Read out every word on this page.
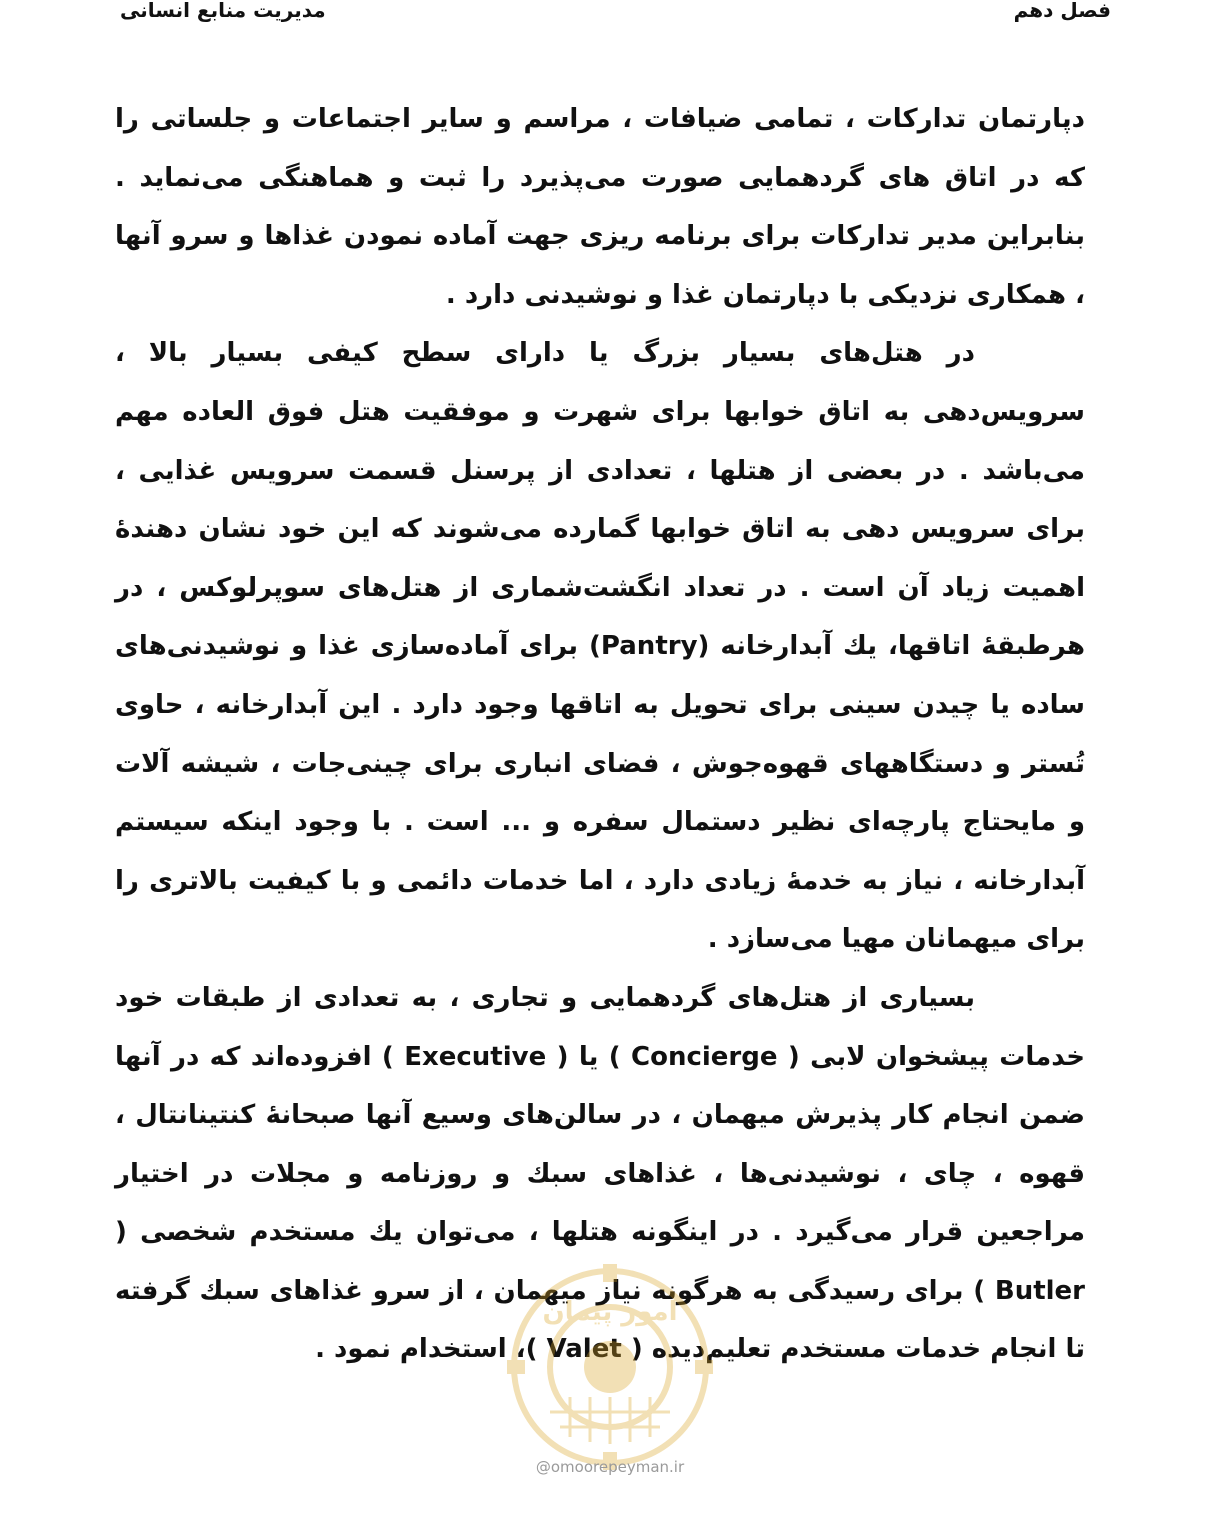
فصل دهم
مدیریت منابع انسانی

دپارتمان تدارکات ، تمامی ضیافات ، مراسم و سایر اجتماعات و جلساتی را که در اتاق های گردهمایی صورت می‌پذیرد را ثبت و هماهنگی می‌نماید . بنابراین مدیر تدارکات برای برنامه ریزی جهت آماده نمودن غذاها و سرو آنها ، همکاری نزدیکی با دپارتمان غذا و نوشیدنی دارد .

در هتل‌های بسیار بزرگ یا دارای سطح کیفی بسیار بالا ، سرویس‌دهی به اتاق خوابها برای شهرت و موفقیت هتل فوق العاده مهم می‌باشد . در بعضی از هتلها ، تعدادی از پرسنل قسمت سرویس غذایی ، برای سرویس دهی به اتاق خوابها گمارده می‌شوند که این خود نشان دهندهٔ اهمیت زیاد آن است . در تعداد انگشت‌شماری از هتل‌های سوپرلوکس ، در هرطبقهٔ اتاقها، یك آبدارخانه (Pantry) برای آماده‌سازی غذا و نوشیدنی‌های ساده یا چیدن سینی برای تحویل به اتاقها وجود دارد . این آبدارخانه ، حاوی تُستر و دستگاههای قهوه‌جوش ، فضای انباری برای چینی‌جات ، شیشه آلات و مایحتاج پارچه‌ای نظیر دستمال سفره و ... است . با وجود اینکه سیستم آبدارخانه ، نیاز به خدمهٔ زیادی دارد ، اما خدمات دائمی و با کیفیت بالاتری را برای میهمانان مهیا می‌سازد .

بسیاری از هتل‌های گردهمایی و تجاری ، به تعدادی از طبقات خود خدمات پیشخوان لابی ( Concierge ) یا ( Executive ) افزوده‌اند که در آنها ضمن انجام کار پذیرش میهمان ، در سالن‌های وسیع آنها صبحانهٔ کنتینانتال ، قهوه ، چای ، نوشیدنی‌ها ، غذاهای سبك و روزنامه و مجلات در اختیار مراجعین قرار می‌گیرد . در اینگونه هتلها ، می‌توان یك مستخدم شخصی ( Butler ) برای رسیدگی به هرگونه نیاز میهمان ، از سرو غذاهای سبك گرفته تا انجام خدمات مستخدم تعلیم‌دیده ( Valet )، استخدام نمود .

امور پیمان
@omoorepeyman.ir
